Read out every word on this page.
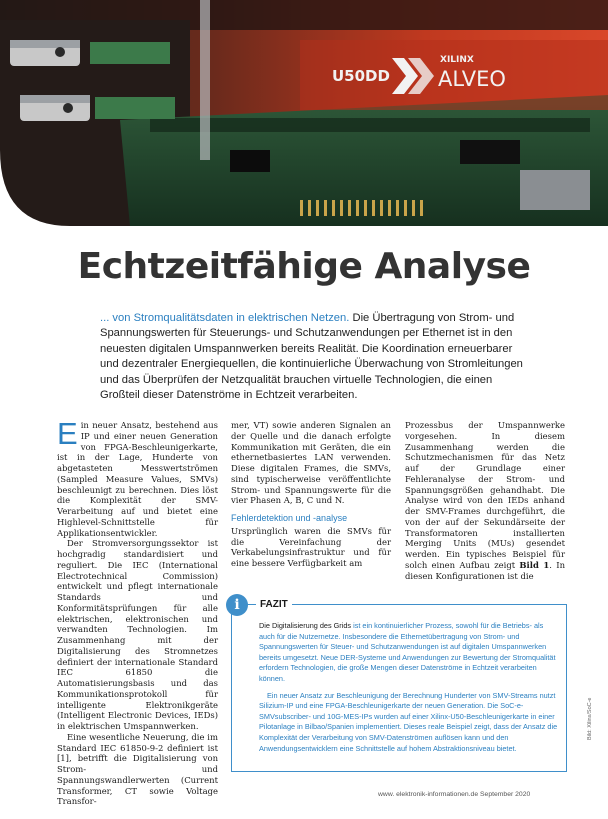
U50DD
XILINX
ALVEO
Echtzeitfähige Analyse
... von Stromqualitätsdaten in elektrischen Netzen. Die Übertragung von Strom- und Spannungswerten für Steuerungs- und Schutzanwendungen per Ethernet ist in den neuesten digitalen Umspannwerken bereits Realität. Die Koordination erneuerbarer und dezentraler Energiequellen, die kontinuierliche Überwachung von Stromleitungen und das Überprüfen der Netzqualität brauchen virtuelle Technologien, die einen Großteil dieser Datenströme in Echtzeit verarbeiten.

Ein neuer Ansatz, bestehend aus IP und einer neuen Generation von FPGA-Beschleunigerkarte, ist in der Lage, Hunderte von abgetasteten Messwertströmen (Sampled Measure Values, SMVs) beschleunigt zu berechnen. Dies löst die Komplexität der SMV-Verarbeitung auf und bietet eine Highlevel-Schnittstelle für Applikationsentwickler.

Der Stromversorgungssektor ist hochgradig standardisiert und reguliert. Die IEC (International Electrotechnical Commission) entwickelt und pflegt internationale Standards und Konformitätsprüfungen für alle elektrischen, elektronischen und verwandten Technologien. Im Zusammenhang mit der Digitalisierung des Stromnetzes definiert der internationale Standard IEC 61850 die Automatisierungsbasis und das Kommunikationsprotokoll für intelligente Elektronikgeräte (Intelligent Electronic Devices, IEDs) in elektrischen Umspannwerken.

Eine wesentliche Neuerung, die im Standard IEC 61850-9-2 definiert ist [1], betrifft die Digitalisierung von Strom- und Spannungswandlerwerten (Current Transformer, CT sowie Voltage Transfor-

mer, VT) sowie anderen Signalen an der Quelle und die danach erfolgte Kommunikation mit Geräten, die ein ethernetbasiertes LAN verwenden. Diese digitalen Frames, die SMVs, sind typischerweise veröffentlichte Strom- und Spannungswerte für die vier Phasen A, B, C und N.

Fehlerdetektion und -analyse

Ursprünglich waren die SMVs für die Vereinfachung der Verkabelungsinfrastruktur und für eine bessere Verfügbarkeit am

Prozessbus der Umspannwerke vorgesehen. In diesem Zusammenhang werden die Schutzmechanismen für das Netz auf der Grundlage einer Fehleranalyse der Strom- und Spannungsgrößen gehandhabt. Die Analyse wird von den IEDs anhand der SMV-Frames durchgeführt, die von der auf der Sekundärseite der Transformatoren installierten Merging Units (MUs) gesendet werden. Ein typisches Beispiel für solch einen Aufbau zeigt Bild 1. In diesen Konfigurationen ist die

i	FAZIT

Die Digitalisierung des Grids ist ein kontinuierlicher Prozess, sowohl für die Betriebs- als auch für die Nutzernetze. Insbesondere die Ethernetübertragung von Strom- und Spannungswerten für Steuer- und Schutzanwendungen ist auf digitalen Umspannwerken bereits umgesetzt. Neue DER-Systeme und Anwendungen zur Bewertung der Stromqualität erfordern Technologien, die große Mengen dieser Datenströme in Echtzeit verarbeiten können.

Ein neuer Ansatz zur Beschleunigung der Berechnung Hunderter von SMV-Streams nutzt Silizium-IP und eine FPGA-Beschleunigerkarte der neuen Generation. Die SoC-e-SMVsubscriber- und 10G-MES-IPs wurden auf einer Xilinx-U50-Beschleunigerkarte in einer Pilotanlage in Bilbao/Spanien implementiert. Dieses reale Beispiel zeigt, dass der Ansatz die Komplexität der Verarbeitung von SMV-Datenströmen auflösen kann und den Anwendungsentwicklern eine Schnittstelle auf hohem Abstraktionsniveau bietet.

Bild: Xilinx/SoC-e
www. elektronik-informationen.de September 2020
